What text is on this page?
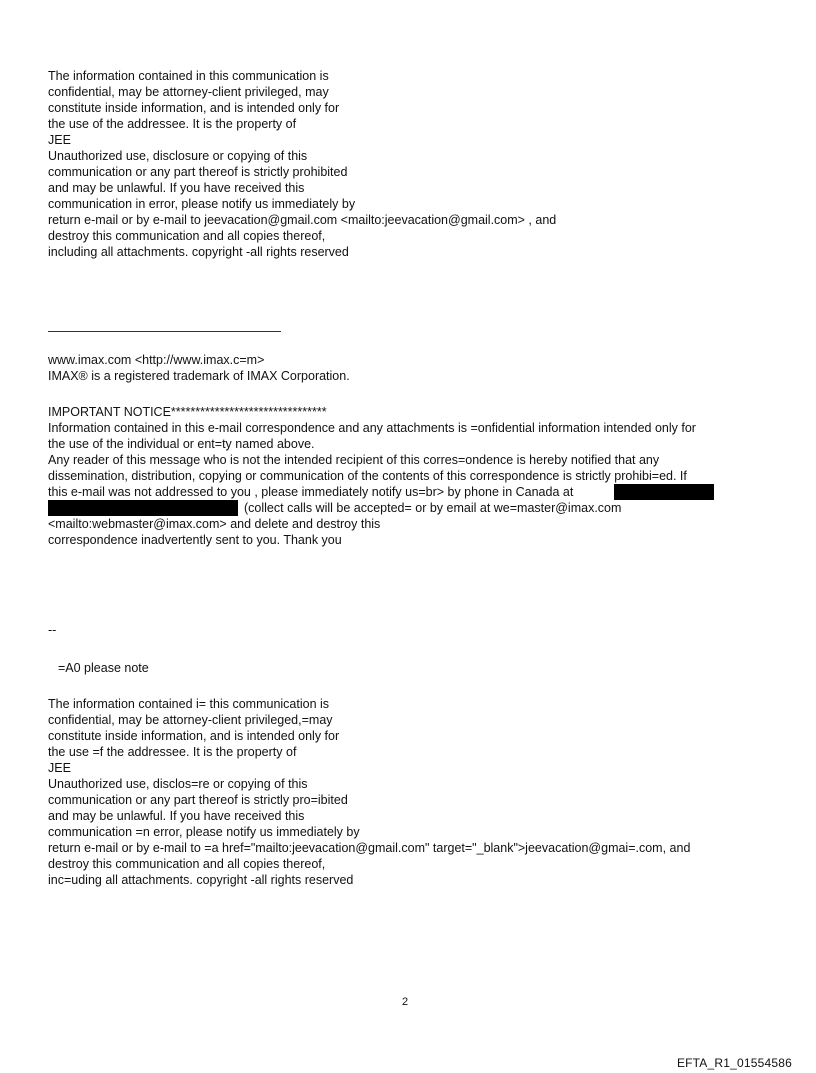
The information contained in this communication is
confidential, may be attorney-client privileged, may
constitute inside information, and is intended only for
the use of the addressee. It is the property of
JEE
Unauthorized use, disclosure or copying of this
communication or any part thereof is strictly prohibited
and may be unlawful. If you have received this
communication in error, please notify us immediately by
return e-mail or by e-mail to jeevacation@gmail.com <mailto:jeevacation@gmail.com> , and
destroy this communication and all copies thereof,
including all attachments. copyright -all rights reserved
www.imax.com <http://www.imax.c=m>
IMAX® is a registered trademark of IMAX Corporation.
IMPORTANT NOTICE********************************
Information contained in this e-mail correspondence and any attachments is =onfidential information intended only for
the use of the individual or ent=ty named above.
Any reader of this message who is not the intended recipient of this corres=ondence is hereby notified that any
dissemination, distribution, copying or communication of the contents of this correspondence is strictly prohibi=ed. If
this e-mail was not addressed to you , please immediately notify us=br> by phone in Canada at
(collect calls will be accepted= or by email at we=master@imax.com
<mailto:webmaster@imax.com> and delete and destroy this
correspondence inadvertently sent to you. Thank you
--
=A0 please note
The information contained i= this communication is
confidential, may be attorney-client privileged,=may
constitute inside information, and is intended only for
the use =f the addressee. It is the property of
JEE
Unauthorized use, disclos=re or copying of this
communication or any part thereof is strictly pro=ibited
and may be unlawful. If you have received this
communication =n error, please notify us immediately by
return e-mail or by e-mail to =a href="mailto:jeevacation@gmail.com" target="_blank">jeevacation@gmai=.com, and
destroy this communication and all copies thereof,
inc=uding all attachments. copyright -all rights reserved
2
EFTA_R1_01554586
